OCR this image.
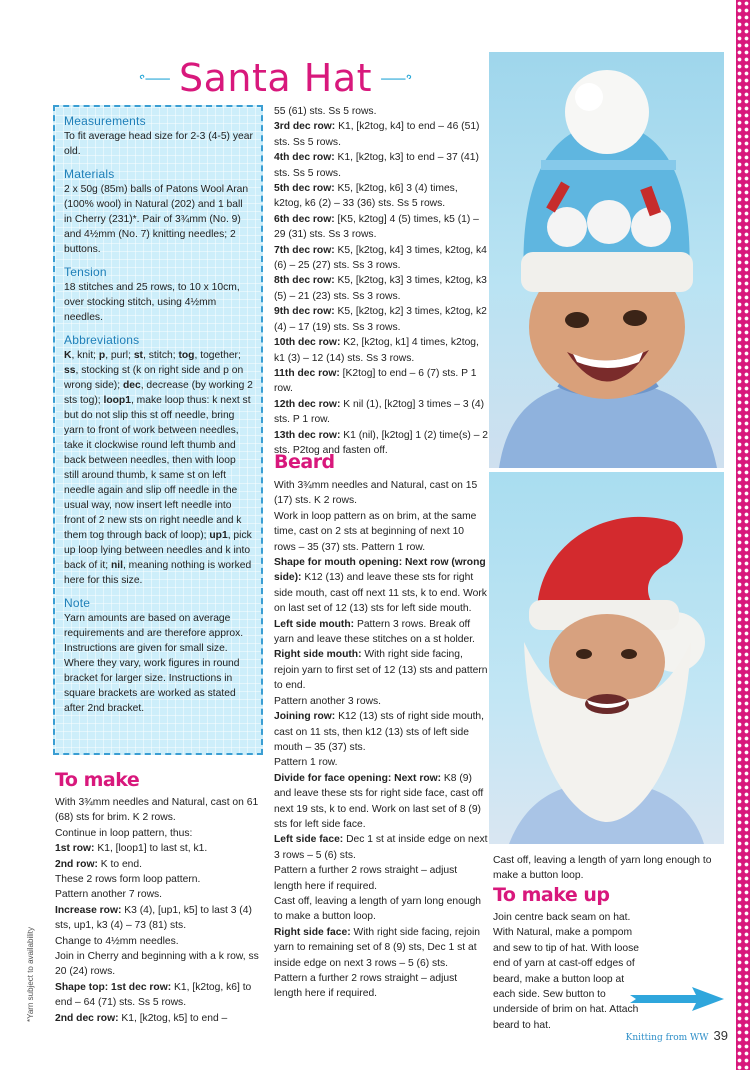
Santa Hat
Measurements

To fit average head size for 2-3 (4-5) year old.

Materials

2 x 50g (85m) balls of Patons Wool Aran (100% wool) in Natural (202) and 1 ball in Cherry (231)*. Pair of 3¾mm (No. 9) and 4½mm (No. 7) knitting needles; 2 buttons.

Tension

18 stitches and 25 rows, to 10 x 10cm, over stocking stitch, using 4½mm needles.

Abbreviations

K, knit; p, purl; st, stitch; tog, together; ss, stocking st (k on right side and p on wrong side); dec, decrease (by working 2 sts tog); loop1, make loop thus: k next st but do not slip this st off needle, bring yarn to front of work between needles, take it clockwise round left thumb and back between needles, then with loop still around thumb, k same st on left needle again and slip off needle in the usual way, now insert left needle into front of 2 new sts on right needle and k them tog through back of loop); up1, pick up loop lying between needles and k into back of it; nil, meaning nothing is worked here for this size.

Note

Yarn amounts are based on average requirements and are therefore approx. Instructions are given for small size. Where they vary, work figures in round bracket for larger size. Instructions in square brackets are worked as stated after 2nd bracket.

To make

With 3¾mm needles and Natural, cast on 61 (68) sts for brim. K 2 rows.

Continue in loop pattern, thus:

1st row: K1, [loop1] to last st, k1.

2nd row: K to end.

These 2 rows form loop pattern.

Pattern another 7 rows.

Increase row: K3 (4), [up1, k5] to last 3 (4) sts, up1, k3 (4) – 73 (81) sts.

Change to 4½mm needles.

Join in Cherry and beginning with a k row, ss 20 (24) rows.

Shape top: 1st dec row: K1, [k2tog, k6] to end – 64 (71) sts. Ss 5 rows.

2nd dec row: K1, [k2tog, k5] to end –

55 (61) sts. Ss 5 rows.

3rd dec row: K1, [k2tog, k4] to end – 46 (51) sts. Ss 5 rows.

4th dec row: K1, [k2tog, k3] to end – 37 (41) sts. Ss 5 rows.

5th dec row: K5, [k2tog, k6] 3 (4) times, k2tog, k6 (2) – 33 (36) sts. Ss 5 rows.

6th dec row: [K5, k2tog] 4 (5) times, k5 (1) – 29 (31) sts. Ss 3 rows.

7th dec row: K5, [k2tog, k4] 3 times, k2tog, k4 (6) – 25 (27) sts. Ss 3 rows.

8th dec row: K5, [k2tog, k3] 3 times, k2tog, k3 (5) – 21 (23) sts. Ss 3 rows.

9th dec row: K5, [k2tog, k2] 3 times, k2tog, k2 (4) – 17 (19) sts. Ss 3 rows.

10th dec row: K2, [k2tog, k1] 4 times, k2tog, k1 (3) – 12 (14) sts. Ss 3 rows.

11th dec row: [K2tog] to end – 6 (7) sts. P 1 row.

12th dec row: K nil (1), [k2tog] 3 times – 3 (4) sts. P 1 row.

13th dec row: K1 (nil), [k2tog] 1 (2) time(s) – 2 sts. P2tog and fasten off.

Beard

With 3¾mm needles and Natural, cast on 15 (17) sts. K 2 rows.

Work in loop pattern as on brim, at the same time, cast on 2 sts at beginning of next 10 rows – 35 (37) sts. Pattern 1 row.

Shape for mouth opening: Next row (wrong side): K12 (13) and leave these sts for right side mouth, cast off next 11 sts, k to end. Work on last set of 12 (13) sts for left side mouth.

Left side mouth: Pattern 3 rows. Break off yarn and leave these stitches on a st holder.

Right side mouth: With right side facing, rejoin yarn to first set of 12 (13) sts and pattern to end.

Pattern another 3 rows.

Joining row: K12 (13) sts of right side mouth, cast on 11 sts, then k12 (13) sts of left side mouth – 35 (37) sts.

Pattern 1 row.

Divide for face opening: Next row: K8 (9) and leave these sts for right side face, cast off next 19 sts, k to end. Work on last set of 8 (9) sts for left side face.

Left side face: Dec 1 st at inside edge on next 3 rows – 5 (6) sts.

Pattern a further 2 rows straight – adjust length here if required.

Cast off, leaving a length of yarn long enough to make a button loop.

Right side face: With right side facing, rejoin yarn to remaining set of 8 (9) sts, Dec 1 st at inside edge on next 3 rows – 5 (6) sts.

Pattern a further 2 rows straight – adjust length here if required.

Cast off, leaving a length of yarn long enough to make a button loop.

To make up

Join centre back seam on hat. With Natural, make a pompom and sew to tip of hat. With loose end of yarn at cast-off edges of beard, make a button loop at each side. Sew button to underside of brim on hat. Attach beard to hat.

*Yarn subject to availability
Knitting from WW 39
